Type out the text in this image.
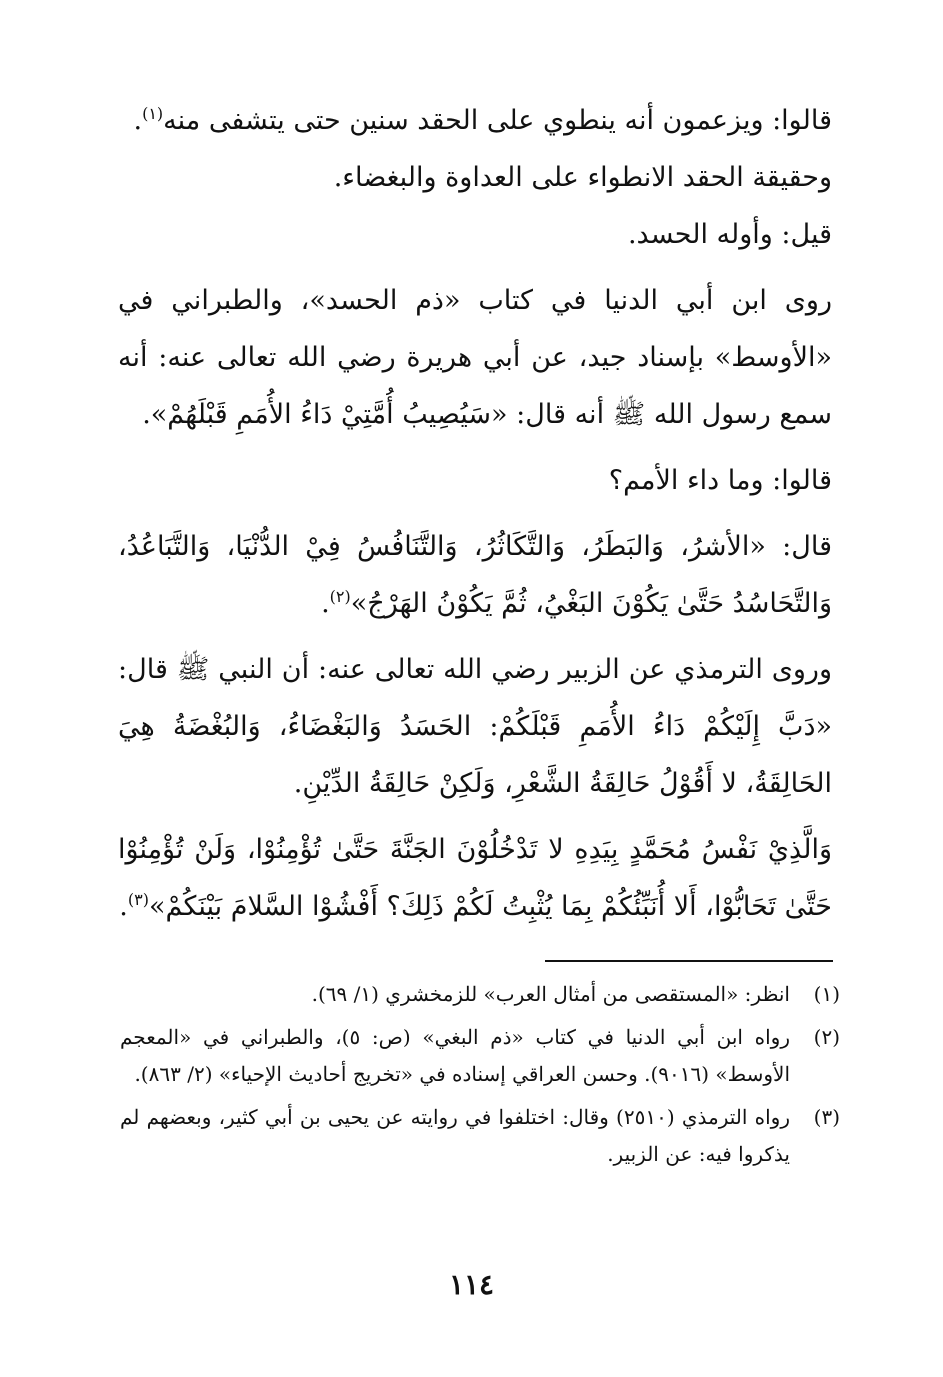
قالوا: ويزعمون أنه ينطوي على الحقد سنين حتى يتشفى منه$^{(١)}$.

وحقيقة الحقد الانطواء على العداوة والبغضاء.

قيل: وأوله الحسد.

روى ابن أبي الدنيا في كتاب «ذم الحسد»، والطبراني في «الأوسط» بإسناد جيد، عن أبي هريرة رضي الله تعالى عنه: أنه سمع رسول الله ﷺ أنه قال: «سَيُصِيبُ أُمَّتِيْ دَاءُ الأُمَمِ قَبْلَهُمْ».

قالوا: وما داء الأمم؟

قال: «الأشرُ، وَالبَطَرُ، وَالتَّكَاثُرُ، وَالتَّنَافُسُ فِيْ الدُّنْيَا، وَالتَّبَاعُدُ، وَالتَّحَاسُدُ حَتَّىٰ يَكُوْنَ البَغْيُ، ثُمَّ يَكُوْنُ الهَرْجُ»$^{(٢)}$.

وروى الترمذي عن الزبير رضي الله تعالى عنه: أن النبي ﷺ قال: «دَبَّ إِلَيْكُمْ دَاءُ الأُمَمِ قَبْلَكُمْ: الحَسَدُ وَالبَغْضَاءُ، وَالبُغْضَةُ هِيَ الحَالِقَةُ، لا أَقُوْلُ حَالِقَةُ الشَّعْرِ، وَلَكِنْ حَالِقَةُ الدِّيْنِ.

وَالَّذِيْ نَفْسُ مُحَمَّدٍ بِيَدِهِ لا تَدْخُلُوْنَ الجَنَّةَ حَتَّىٰ تُؤْمِنُوْا، وَلَنْ تُؤْمِنُوْا حَتَّىٰ تَحَابُّوْا، أَلا أُنَبِّئُكُمْ بِمَا يُثْبِتُ لَكُمْ ذَلِكَ؟ أَفْشُوْا السَّلامَ بَيْنَكُمْ»$^{(٣)}$.

(١)
انظر: «المستقصى من أمثال العرب» للزمخشري (١/ ٦٩).
(٢)
رواه ابن أبي الدنيا في كتاب «ذم البغي» (ص: ٥)، والطبراني في «المعجم الأوسط» (٩٠١٦). وحسن العراقي إسناده في «تخريج أحاديث الإحياء» (٢/ ٨٦٣).
(٣)
رواه الترمذي (٢٥١٠) وقال: اختلفوا في روايته عن يحيى بن أبي كثير، وبعضهم لم يذكروا فيه: عن الزبير.
١١٤
